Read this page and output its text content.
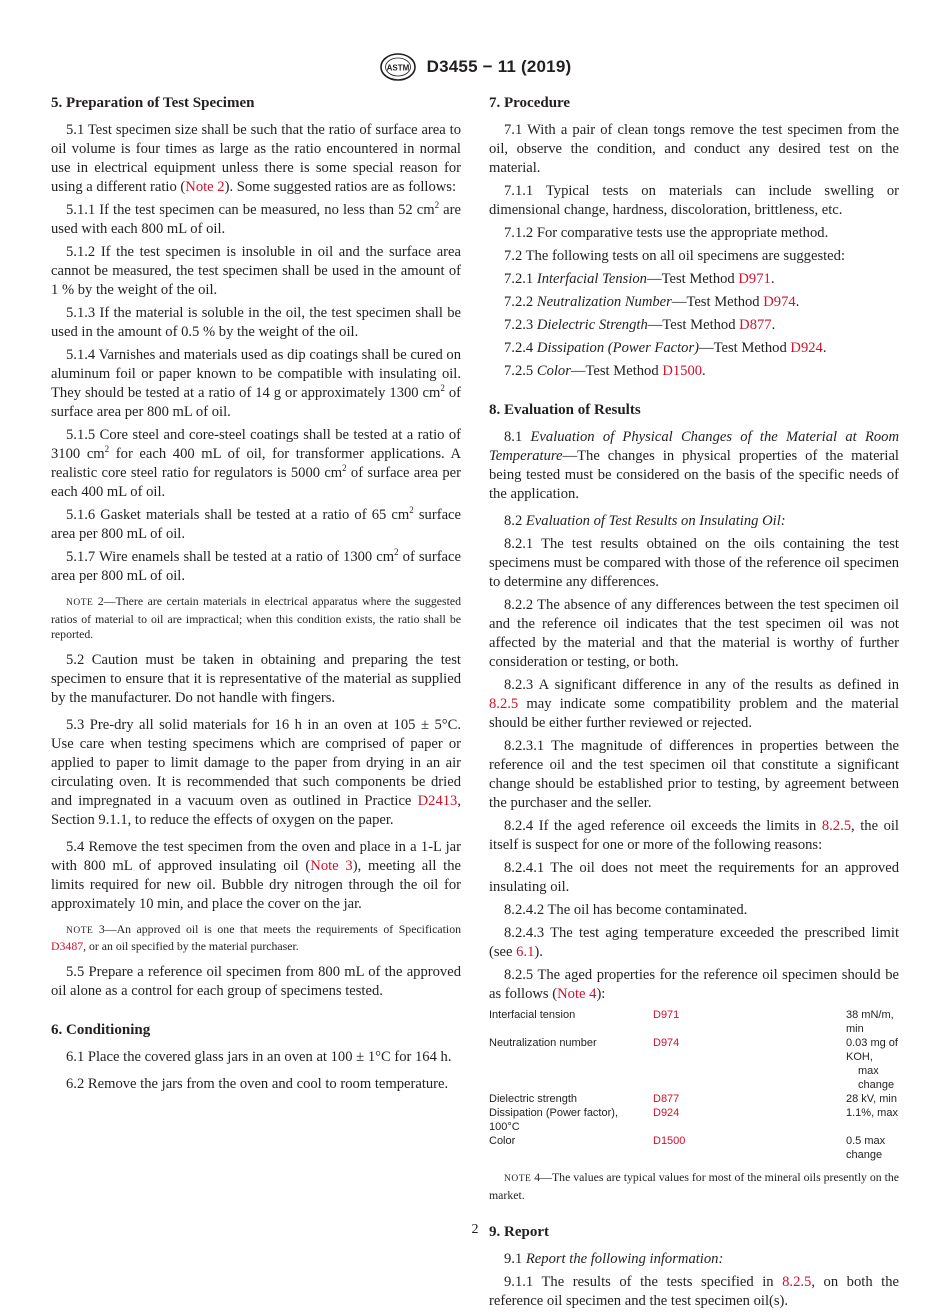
ASTM D3455 − 11 (2019)
5. Preparation of Test Specimen

5.1 Test specimen size shall be such that the ratio of surface area to oil volume is four times as large as the ratio encountered in normal use in electrical equipment unless there is some special reason for using a different ratio (Note 2). Some suggested ratios are as follows:

5.1.1 If the test specimen can be measured, no less than 52 $cm^2$ are used with each 800 mL of oil.

5.1.2 If the test specimen is insoluble in oil and the surface area cannot be measured, the test specimen shall be used in the amount of 1 % by the weight of the oil.

5.1.3 If the material is soluble in the oil, the test specimen shall be used in the amount of 0.5 % by the weight of the oil.

5.1.4 Varnishes and materials used as dip coatings shall be cured on aluminum foil or paper known to be compatible with insulating oil. They should be tested at a ratio of 14 g or approximately 1300 $cm^2$ of surface area per 800 mL of oil.

5.1.5 Core steel and core-steel coatings shall be tested at a ratio of 3100 $cm^2$ for each 400 mL of oil, for transformer applications. A realistic core steel ratio for regulators is 5000 $cm^2$ of surface area per each 400 mL of oil.

5.1.6 Gasket materials shall be tested at a ratio of 65 $cm^2$ surface area per 800 mL of oil.

5.1.7 Wire enamels shall be tested at a ratio of 1300 $cm^2$ of surface area per 800 mL of oil.

NOTE 2—There are certain materials in electrical apparatus where the suggested ratios of material to oil are impractical; when this condition exists, the ratio shall be reported.

5.2 Caution must be taken in obtaining and preparing the test specimen to ensure that it is representative of the material as supplied by the manufacturer. Do not handle with fingers.

5.3 Pre-dry all solid materials for 16 h in an oven at 105 ± 5°C. Use care when testing specimens which are comprised of paper or applied to paper to limit damage to the paper from drying in an air circulating oven. It is recommended that such components be dried and impregnated in a vacuum oven as outlined in Practice D2413, Section 9.1.1, to reduce the effects of oxygen on the paper.

5.4 Remove the test specimen from the oven and place in a 1-L jar with 800 mL of approved insulating oil (Note 3), meeting all the limits required for new oil. Bubble dry nitrogen through the oil for approximately 10 min, and place the cover on the jar.

NOTE 3—An approved oil is one that meets the requirements of Specification D3487, or an oil specified by the material purchaser.

5.5 Prepare a reference oil specimen from 800 mL of the approved oil alone as a control for each group of specimens tested.

6. Conditioning

6.1 Place the covered glass jars in an oven at 100 ± 1°C for 164 h.

6.2 Remove the jars from the oven and cool to room temperature.

7. Procedure

7.1 With a pair of clean tongs remove the test specimen from the oil, observe the condition, and conduct any desired test on the material.

7.1.1 Typical tests on materials can include swelling or dimensional change, hardness, discoloration, brittleness, etc.

7.1.2 For comparative tests use the appropriate method.

7.2 The following tests on all oil specimens are suggested:

7.2.1 Interfacial Tension—Test Method D971.

7.2.2 Neutralization Number—Test Method D974.

7.2.3 Dielectric Strength—Test Method D877.

7.2.4 Dissipation (Power Factor)—Test Method D924.

7.2.5 Color—Test Method D1500.

8. Evaluation of Results

8.1 Evaluation of Physical Changes of the Material at Room Temperature—The changes in physical properties of the material being tested must be considered on the basis of the specific needs of the application.

8.2 Evaluation of Test Results on Insulating Oil:

8.2.1 The test results obtained on the oils containing the test specimens must be compared with those of the reference oil specimen to determine any differences.

8.2.2 The absence of any differences between the test specimen oil and the reference oil indicates that the test specimen oil was not affected by the material and that the material is worthy of further consideration or testing, or both.

8.2.3 A significant difference in any of the results as defined in 8.2.5 may indicate some compatibility problem and the material should be either further reviewed or rejected.

8.2.3.1 The magnitude of differences in properties between the reference oil and the test specimen oil that constitute a significant change should be established prior to testing, by agreement between the purchaser and the seller.

8.2.4 If the aged reference oil exceeds the limits in 8.2.5, the oil itself is suspect for one or more of the following reasons:

8.2.4.1 The oil does not meet the requirements for an approved insulating oil.

8.2.4.2 The oil has become contaminated.

8.2.4.3 The test aging temperature exceeded the prescribed limit (see 6.1).

8.2.5 The aged properties for the reference oil specimen should be as follows (Note 4):

Interfacial tension	D971	38 mN/m, min
Neutralization number	D974	0.03 mg of KOH,
max change
Dielectric strength	D877	28 kV, min
Dissipation (Power factor),
100°C	D924	1.1%, max
Color	D1500	0.5 max change

NOTE 4—The values are typical values for most of the mineral oils presently on the market.

9. Report

9.1 Report the following information:

9.1.1 The results of the tests specified in 8.2.5, on both the reference oil specimen and the test specimen oil(s).

2
